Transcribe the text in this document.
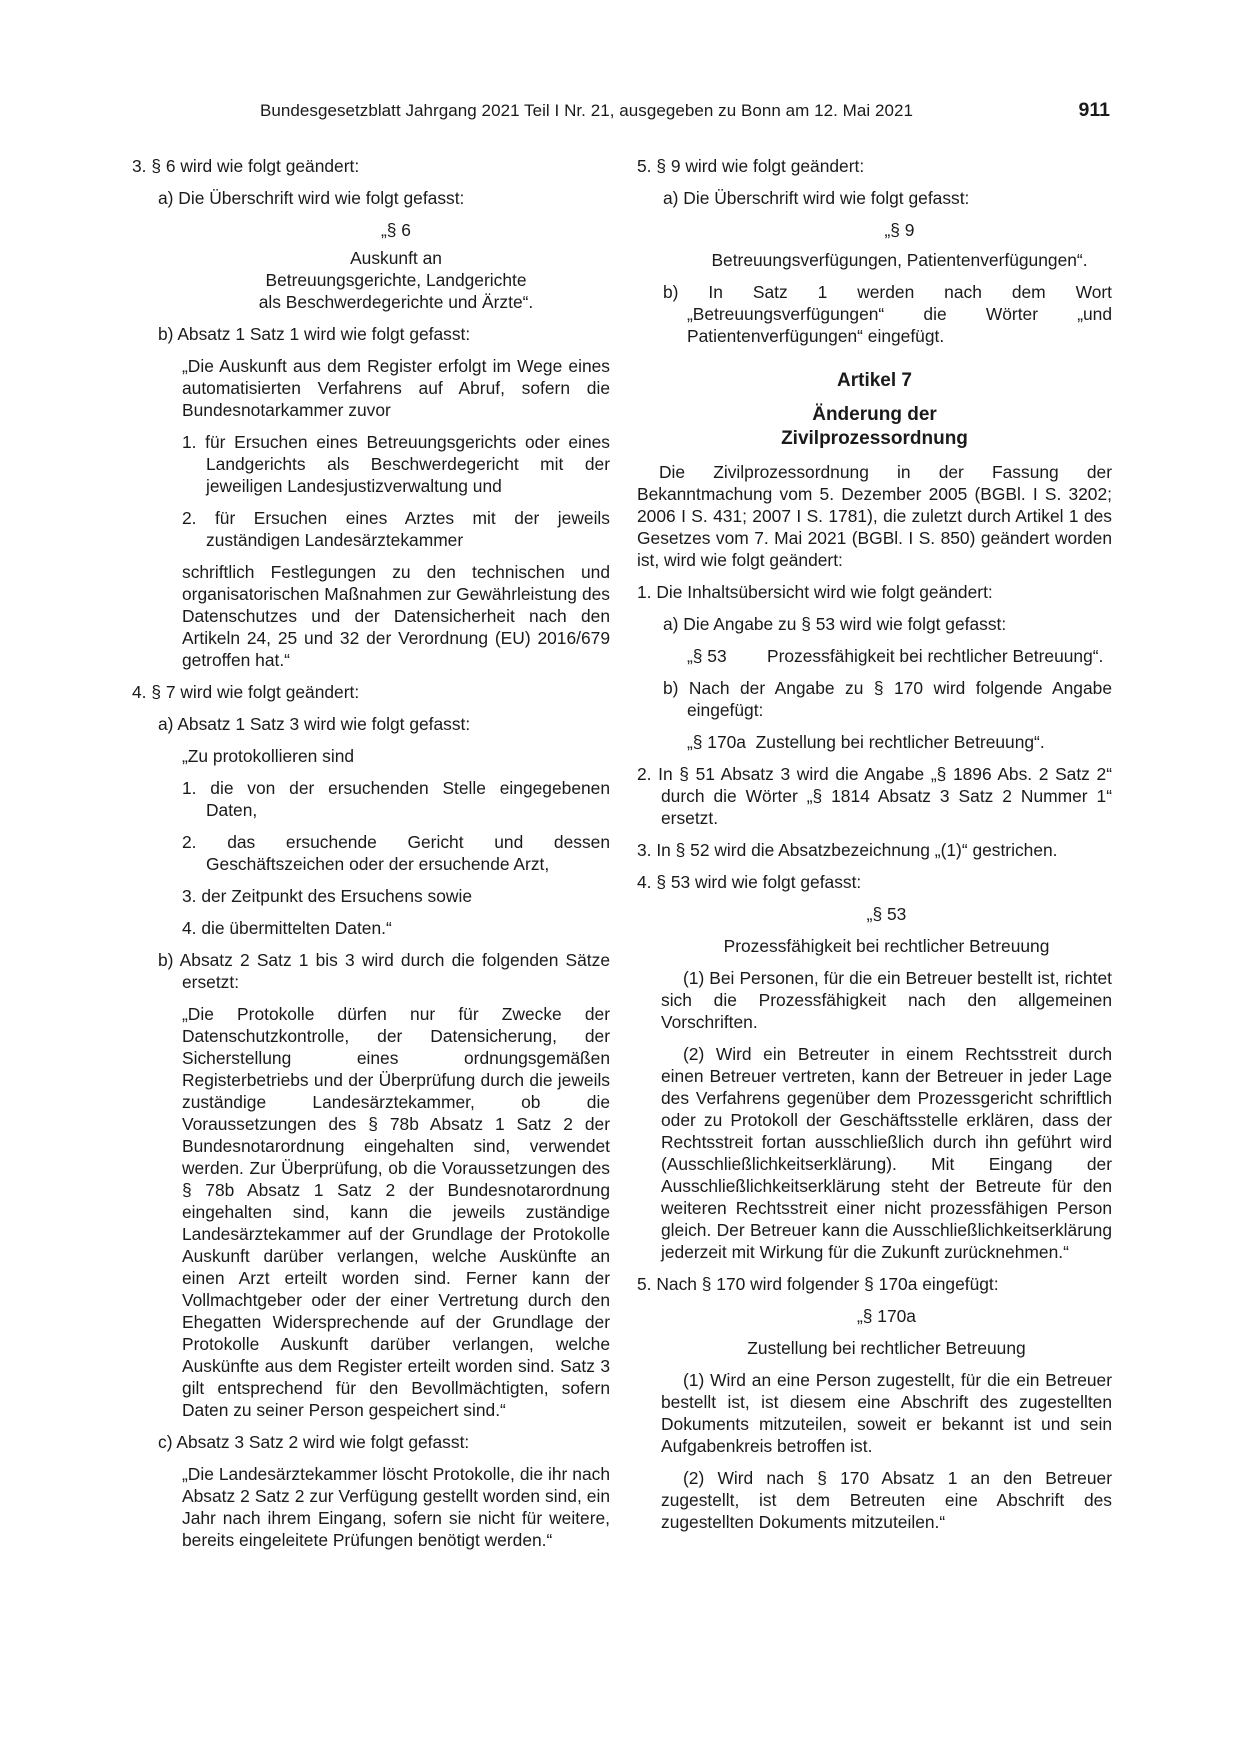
Bundesgesetzblatt Jahrgang 2021 Teil I Nr. 21, ausgegeben zu Bonn am 12. Mai 2021	911
3. § 6 wird wie folgt geändert:
a) Die Überschrift wird wie folgt gefasst:
„§ 6
Auskunft an
Betreuungsgerichte, Landgerichte
als Beschwerdegerichte und Ärzte“.
b) Absatz 1 Satz 1 wird wie folgt gefasst:
„Die Auskunft aus dem Register erfolgt im Wege eines automatisierten Verfahrens auf Abruf, sofern die Bundesnotarkammer zuvor
1. für Ersuchen eines Betreuungsgerichts oder eines Landgerichts als Beschwerdegericht mit der jeweiligen Landesjustizverwaltung und
2. für Ersuchen eines Arztes mit der jeweils zuständigen Landesärztekammer
schriftlich Festlegungen zu den technischen und organisatorischen Maßnahmen zur Gewährleistung des Datenschutzes und der Datensicherheit nach den Artikeln 24, 25 und 32 der Verordnung (EU) 2016/679 getroffen hat.“
4. § 7 wird wie folgt geändert:
a) Absatz 1 Satz 3 wird wie folgt gefasst:
„Zu protokollieren sind
1. die von der ersuchenden Stelle eingegebenen Daten,
2. das ersuchende Gericht und dessen Geschäftszeichen oder der ersuchende Arzt,
3. der Zeitpunkt des Ersuchens sowie
4. die übermittelten Daten.“
b) Absatz 2 Satz 1 bis 3 wird durch die folgenden Sätze ersetzt:
„Die Protokolle dürfen nur für Zwecke der Datenschutzkontrolle, der Datensicherung, der Sicherstellung eines ordnungsgemäßen Registerbetriebs und der Überprüfung durch die jeweils zuständige Landesärztekammer, ob die Voraussetzungen des § 78b Absatz 1 Satz 2 der Bundesnotarordnung eingehalten sind, verwendet werden. Zur Überprüfung, ob die Voraussetzungen des § 78b Absatz 1 Satz 2 der Bundesnotarordnung eingehalten sind, kann die jeweils zuständige Landesärztekammer auf der Grundlage der Protokolle Auskunft darüber verlangen, welche Auskünfte an einen Arzt erteilt worden sind. Ferner kann der Vollmachtgeber oder der einer Vertretung durch den Ehegatten Widersprechende auf der Grundlage der Protokolle Auskunft darüber verlangen, welche Auskünfte aus dem Register erteilt worden sind. Satz 3 gilt entsprechend für den Bevollmächtigten, sofern Daten zu seiner Person gespeichert sind.“
c) Absatz 3 Satz 2 wird wie folgt gefasst:
„Die Landesärztekammer löscht Protokolle, die ihr nach Absatz 2 Satz 2 zur Verfügung gestellt worden sind, ein Jahr nach ihrem Eingang, sofern sie nicht für weitere, bereits eingeleitete Prüfungen benötigt werden.“
5. § 9 wird wie folgt geändert:
a) Die Überschrift wird wie folgt gefasst:
„§ 9
Betreuungsverfügungen, Patientenverfügungen“.
b) In Satz 1 werden nach dem Wort „Betreuungsverfügungen“ die Wörter „und Patientenverfügungen“ eingefügt.
Artikel 7
Änderung der
Zivilprozessordnung
Die Zivilprozessordnung in der Fassung der Bekanntmachung vom 5. Dezember 2005 (BGBl. I S. 3202; 2006 I S. 431; 2007 I S. 1781), die zuletzt durch Artikel 1 des Gesetzes vom 7. Mai 2021 (BGBl. I S. 850) geändert worden ist, wird wie folgt geändert:
1. Die Inhaltsübersicht wird wie folgt geändert:
a) Die Angabe zu § 53 wird wie folgt gefasst:
„§ 53	Prozessfähigkeit bei rechtlicher Betreuung“.
b) Nach der Angabe zu § 170 wird folgende Angabe eingefügt:
„§ 170a  Zustellung bei rechtlicher Betreuung“.
2. In § 51 Absatz 3 wird die Angabe „§ 1896 Abs. 2 Satz 2“ durch die Wörter „§ 1814 Absatz 3 Satz 2 Nummer 1“ ersetzt.
3. In § 52 wird die Absatzbezeichnung „(1)“ gestrichen.
4. § 53 wird wie folgt gefasst:
„§ 53
Prozessfähigkeit bei rechtlicher Betreuung
(1) Bei Personen, für die ein Betreuer bestellt ist, richtet sich die Prozessfähigkeit nach den allgemeinen Vorschriften.
(2) Wird ein Betreuter in einem Rechtsstreit durch einen Betreuer vertreten, kann der Betreuer in jeder Lage des Verfahrens gegenüber dem Prozessgericht schriftlich oder zu Protokoll der Geschäftsstelle erklären, dass der Rechtsstreit fortan ausschließlich durch ihn geführt wird (Ausschließlichkeitserklärung). Mit Eingang der Ausschließlichkeitserklärung steht der Betreute für den weiteren Rechtsstreit einer nicht prozessfähigen Person gleich. Der Betreuer kann die Ausschließlichkeitserklärung jederzeit mit Wirkung für die Zukunft zurücknehmen.“
5. Nach § 170 wird folgender § 170a eingefügt:
„§ 170a
Zustellung bei rechtlicher Betreuung
(1) Wird an eine Person zugestellt, für die ein Betreuer bestellt ist, ist diesem eine Abschrift des zugestellten Dokuments mitzuteilen, soweit er bekannt ist und sein Aufgabenkreis betroffen ist.
(2) Wird nach § 170 Absatz 1 an den Betreuer zugestellt, ist dem Betreuten eine Abschrift des zugestellten Dokuments mitzuteilen.“
